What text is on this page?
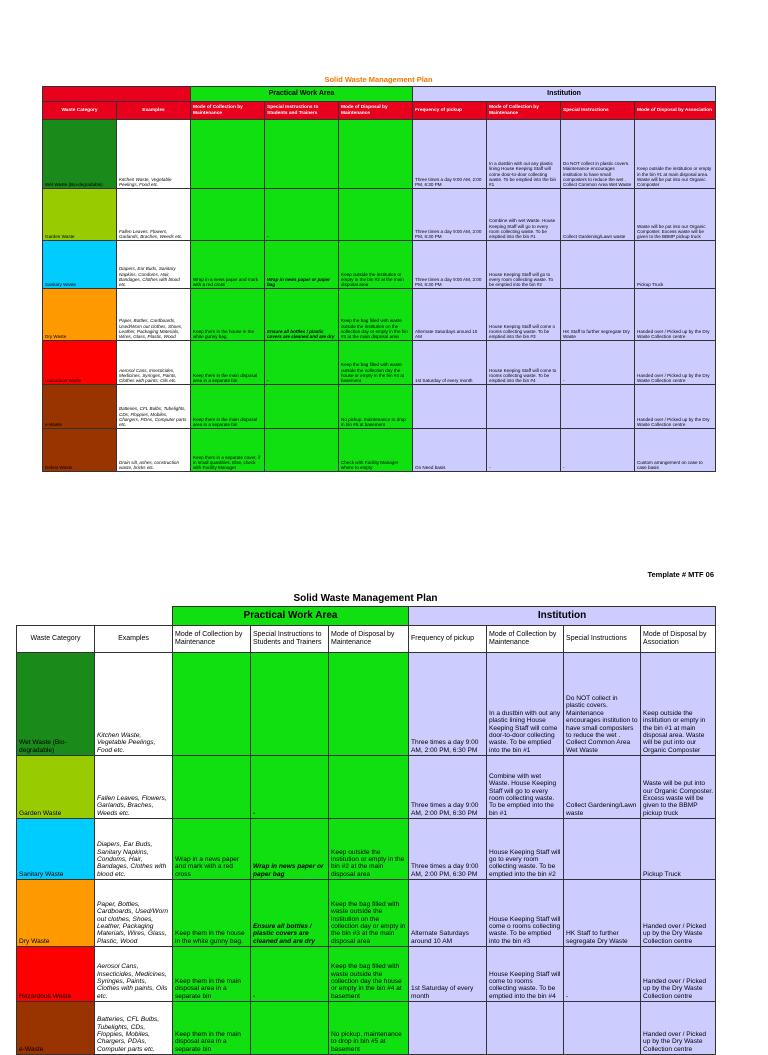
Solid Waste Management Plan
		Practical Work Area			Institution			
Waste Category	Examples	Mode of Collection by Maintenance	Special Instructions to Students and Trainers	Mode of Disposal by Maintenance	Frequency of pickup	Mode of Collection by Maintenance	Special Instructions	Mode of Disposal by Association
Wet Waste (Bio-degradable)	Kitchen Waste, Vegetable Peelings, Food etc.				Three times a day 9:00 AM, 2:00 PM, 6:30 PM	In a dustbin with out any plastic lining House Keeping Staff will come door-to-door collecting waste. To be emptied into the bin #1	Do NOT collect in plastic covers. Maintenance encourages institution to have small composters to reduce the wet . Collect Common Area Wet Waste	Keep outside the institution or empty in the bin #1 at main disposal area. Waste will be put into our Organic Composter
Garden Waste	Fallen Leaves, Flowers, Garlands, Braches, Weeds etc.		-		Three times a day 9:00 AM, 2:00 PM, 6:30 PM	Combine with wet Waste. House Keeping Staff will go to every room collecting waste. To be emptied into the bin #1	Collect Gardening/Lawn waste	Waste will be put into our Organic Composter. Excess waste will be given to the BBMP pickup truck
Sanitary Waste	Diapers, Ear Buds, Sanitary Napkins, Condoms, Hair, Bandages, Clothes with blood etc.	Wrap in a news paper and mark with a red cross	Wrap in news paper or paper bag	Keep outside the institution or empty in the bin #2 at the main disposal area	Three times a day 9:00 AM, 2:00 PM, 6:30 PM	House Keeping Staff will go to every room collecting waste. To be emptied into the bin #2		Pickup Truck
Dry Waste	Paper, Bottles, Cardboards, Used/Worn out clothes, Shoes, Leather, Packaging Materials, Wires, Glass, Plastic, Wood	Keep them in the house in the white gunny bag.	Ensure all bottles / plastic covers are cleaned and are dry	Keep the bag filled with waste outside the institution on the collection day or empty in the bin #3 at the main disposal area	Alternate Saturdays around 10 AM	House Keeping Staff will come o rooms collecting waste. To be emptied into the bin #3	HK Staff to further segregate Dry Waste	Handed over / Picked up by the Dry Waste Collection centre
Hazardous Waste	Aerosol Cans, Insecticides, Medicines, Syringes, Paints, Clothes with paints, Oils etc.	Keep them in the main disposal area in a separate bin	-	Keep the bag filled with waste outside the collection day the house or empty in the bin #4 at basement	1st Saturday of every month	House Keeping Staff will come to rooms collecting waste. To be emptied into the bin #4	-	Handed over / Picked up by the Dry Waste Collection centre
e-Waste	Batteries, CFL Bulbs, Tubelights, CDs, Floppies, Mobiles, Chargers, PDAs, Computer parts etc.	Keep them in the main disposal area in a separate bin		No pickup. maintenance to drop in bin #5 at basement				Handed over / Picked up by the Dry Waste Collection centre
Debris Waste	Drain silt, ashes, construction waste, bricks etc.	Keep them in a separate cover, if in small quantities. Else, check with Facility Manager		Check with Facility Manager where to empty	On Need basis	-	-	Custom arrangement on case to case basis
Template # MTF 06
Solid Waste Management Plan
		Practical Work Area			Institution			
Waste Category	Examples	Mode of Collection by Maintenance	Special Instructions to Students and Trainers	Mode of Disposal by Maintenance	Frequency of pickup	Mode of Collection by Maintenance	Special Instructions	Mode of Disposal by Association
Wet Waste (Bio-degradable)	Kitchen Waste, Vegetable Peelings, Food etc.				Three times a day 9:00 AM, 2:00 PM, 6:30 PM	In a dustbin with out any plastic lining House Keeping Staff will come door-to-door collecting waste. To be emptied into the bin #1	Do NOT collect in plastic covers. Maintenance encourages institution to have small composters to reduce the wet . Collect Common Area Wet Waste	Keep outside the institution or empty in the bin #1 at main disposal area. Waste will be put into our Organic Composter
Garden Waste	Fallen Leaves, Flowers, Garlands, Braches, Weeds etc.		-		Three times a day 9:00 AM, 2:00 PM, 6:30 PM	Combine with wet Waste. House Keeping Staff will go to every room collecting waste. To be emptied into the bin #1	Collect Gardening/Lawn waste	Waste will be put into our Organic Composter. Excess waste will be given to the BBMP pickup truck
Sanitary Waste	Diapers, Ear Buds, Sanitary Napkins, Condoms, Hair, Bandages, Clothes with blood etc.	Wrap in a news paper and mark with a red cross	Wrap in news paper or paper bag	Keep outside the institution or empty in the bin #2 at the main disposal area	Three times a day 9:00 AM, 2:00 PM, 6:30 PM	House Keeping Staff will go to every room collecting waste. To be emptied into the bin #2		Pickup Truck
Dry Waste	Paper, Bottles, Cardboards, Used/Worn out clothes, Shoes, Leather, Packaging Materials, Wires, Glass, Plastic, Wood	Keep them in the house in the white gunny bag.	Ensure all bottles / plastic covers are cleaned and are dry	Keep the bag filled with waste outside the institution on the collection day or empty in the bin #3 at the main disposal area	Alternate Saturdays around 10 AM	House Keeping Staff will come o rooms collecting waste. To be emptied into the bin #3	HK Staff to further segregate Dry Waste	Handed over / Picked up by the Dry Waste Collection centre
Hazardous Waste	Aerosol Cans, Insecticides, Medicines, Syringes, Paints, Clothes with paints, Oils etc.	Keep them in the main disposal area in a separate bin	-	Keep the bag filled with waste outside the collection day the house or empty in the bin #4 at basement	1st Saturday of every month	House Keeping Staff will come to rooms collecting waste. To be emptied into the bin #4	-	Handed over / Picked up by the Dry Waste Collection centre
e-Waste	Batteries, CFL Bulbs, Tubelights, CDs, Floppies, Mobiles, Chargers, PDAs, Computer parts etc.	Keep them in the main disposal area in a separate bin		No pickup. maintenance to drop in bin #5 at basement				Handed over / Picked up by the Dry Waste Collection centre
